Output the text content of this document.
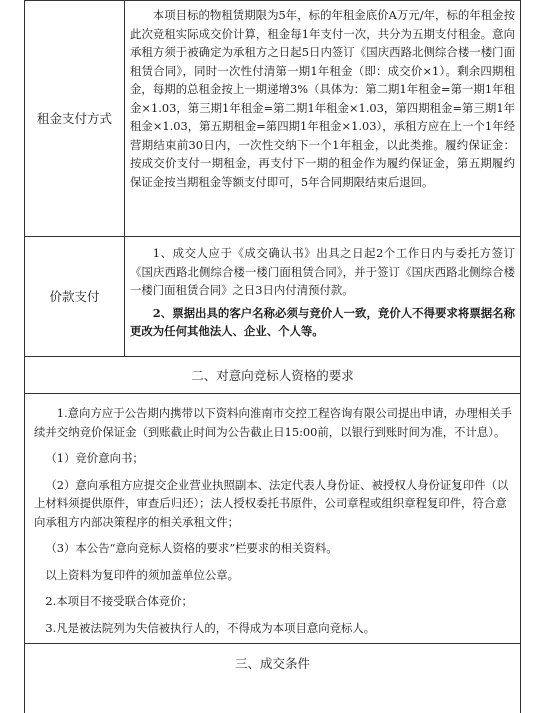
租金支付方式

本项目标的物租赁期限为5年，标的年租金底价A万元/年，标的年租金按此次竞租实际成交价计算，租金每1年支付一次，共分为五期支付租金。意向承租方须于被确定为承租方之日起5日内签订《国庆西路北侧综合楼一楼门面租赁合同》，同时一次性付清第一期1年租金（即：成交价×1）。剩余四期租金，每期的总租金按上一期递增3%（具体为：第二期1年租金=第一期1年租金×1.03，第三期1年租金=第二期1年租金×1.03，第四期租金=第三期1年租金×1.03，第五期租金=第四期1年租金×1.03），承租方应在上一个1年经营期结束前30日内，一次性交纳下一个1年租金，以此类推。履约保证金：按成交价支付一期租金，再支付下一期的租金作为履约保证金，第五期履约保证金按当期租金等额支付即可，5年合同期限结束后退回。

价款支付

1、成交人应于《成交确认书》出具之日起2个工作日内与委托方签订《国庆西路北侧综合楼一楼门面租赁合同》，并于签订《国庆西路北侧综合楼一楼门面租赁合同》之日3日内付清预付款。

2、票据出具的客户名称必须与竞价人一致，竞价人不得要求将票据名称更改为任何其他法人、企业、个人等。

二、对意向竞标人资格的要求

1.意向方应于公告期内携带以下资料向淮南市交控工程咨询有限公司提出申请，办理相关手续并交纳竞价保证金（到账截止时间为公告截止日15:00前，以银行到账时间为准，不计息）。

（1）竞价意向书；

（2）意向承租方应提交企业营业执照副本、法定代表人身份证、被授权人身份证复印件（以上材料须提供原件，审查后归还）；法人授权委托书原件，公司章程或组织章程复印件，符合意向承租方内部决策程序的相关承租文件；

（3）本公告“意向竞标人资格的要求”栏要求的相关资料。

以上资料为复印件的须加盖单位公章。

2.本项目不接受联合体竞价；

3.凡是被法院列为失信被执行人的，不得成为本项目意向竞标人。

三、成交条件
